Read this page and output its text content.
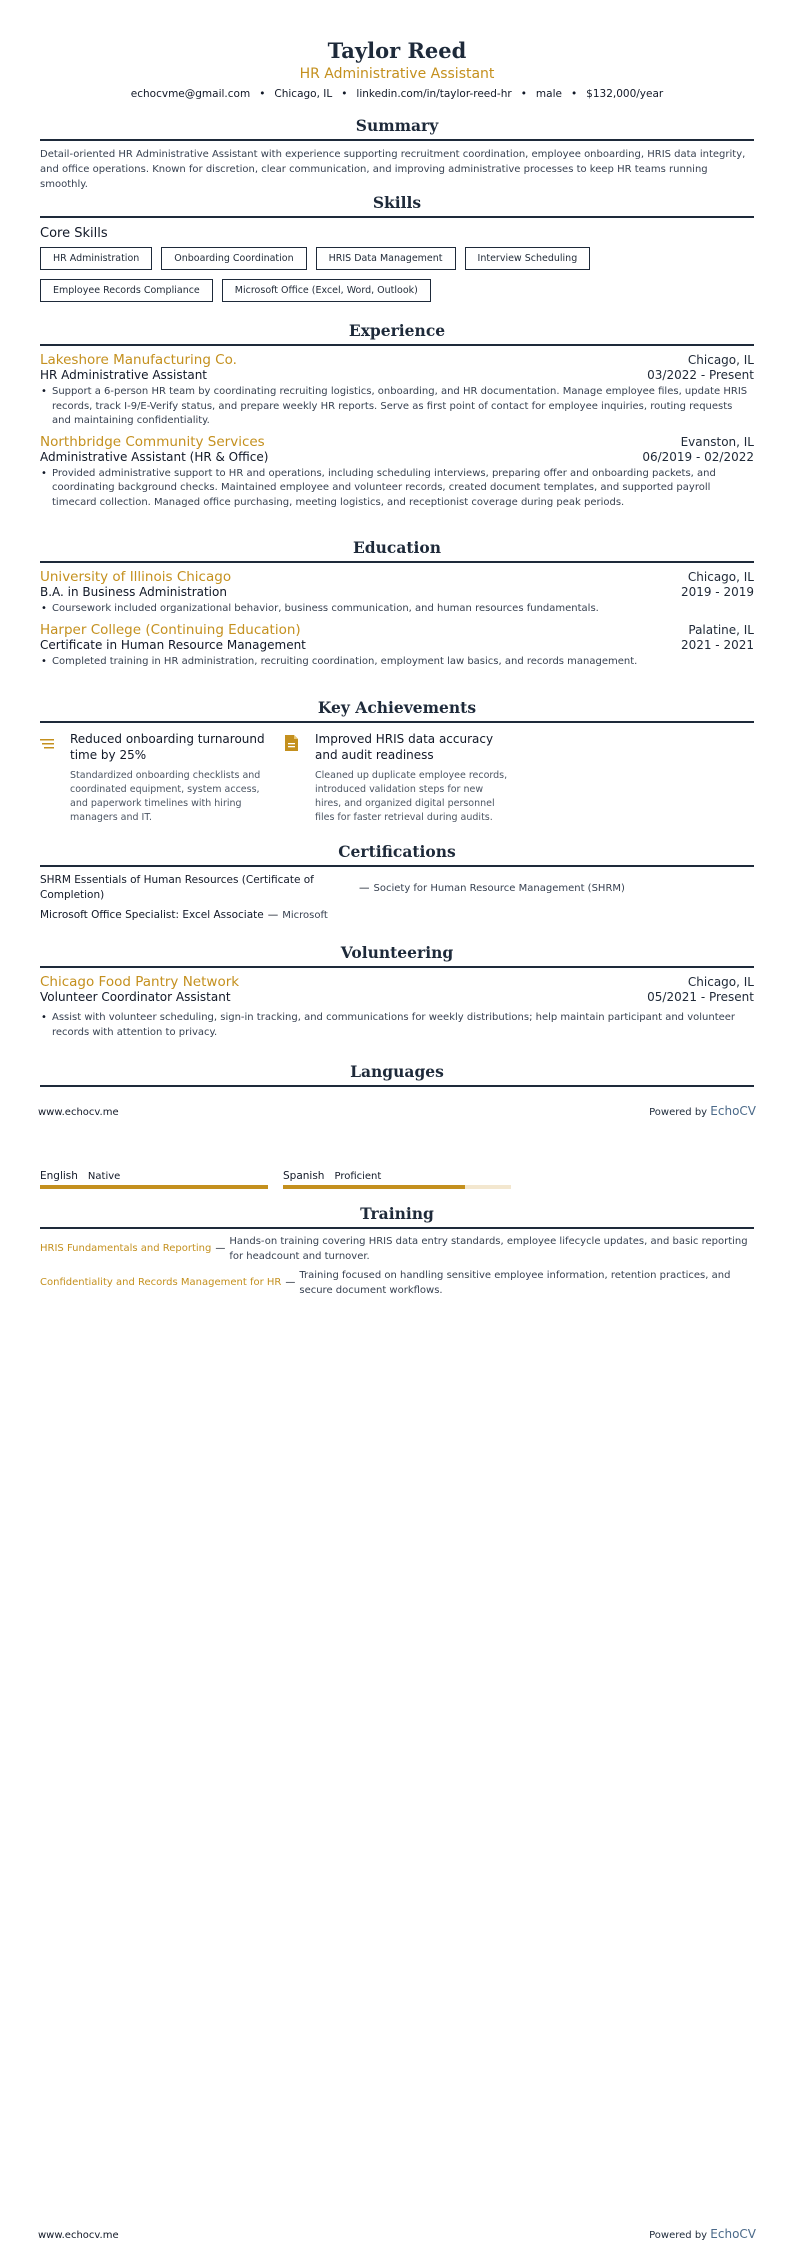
Taylor Reed
HR Administrative Assistant
echocvme@gmail.com • Chicago, IL • linkedin.com/in/taylor-reed-hr • male • $132,000/year
Summary
Detail-oriented HR Administrative Assistant with experience supporting recruitment coordination, employee onboarding, HRIS data integrity, and office operations. Known for discretion, clear communication, and improving administrative processes to keep HR teams running smoothly.
Skills
Core Skills
HR Administration	Onboarding Coordination	HRIS Data Management	Interview Scheduling
Employee Records Compliance	Microsoft Office (Excel, Word, Outlook)
Experience
Lakeshore Manufacturing Co.	Chicago, IL
HR Administrative Assistant	03/2022 - Present
• Support a 6-person HR team by coordinating recruiting logistics, onboarding, and HR documentation. Manage employee files, update HRIS records, track I-9/E-Verify status, and prepare weekly HR reports. Serve as first point of contact for employee inquiries, routing requests and maintaining confidentiality.
Northbridge Community Services	Evanston, IL
Administrative Assistant (HR & Office)	06/2019 - 02/2022
• Provided administrative support to HR and operations, including scheduling interviews, preparing offer and onboarding packets, and coordinating background checks. Maintained employee and volunteer records, created document templates, and supported payroll timecard collection. Managed office purchasing, meeting logistics, and receptionist coverage during peak periods.
Education
University of Illinois Chicago	Chicago, IL
B.A. in Business Administration	2019 - 2019
• Coursework included organizational behavior, business communication, and human resources fundamentals.
Harper College (Continuing Education)	Palatine, IL
Certificate in Human Resource Management	2021 - 2021
• Completed training in HR administration, recruiting coordination, employment law basics, and records management.
Key Achievements
Reduced onboarding turnaround time by 25%
Standardized onboarding checklists and coordinated equipment, system access, and paperwork timelines with hiring managers and IT.
Improved HRIS data accuracy and audit readiness
Cleaned up duplicate employee records, introduced validation steps for new hires, and organized digital personnel files for faster retrieval during audits.
Certifications
SHRM Essentials of Human Resources (Certificate of Completion)
— Society for Human Resource Management (SHRM)
Microsoft Office Specialist: Excel Associate — Microsoft
Volunteering
Chicago Food Pantry Network	Chicago, IL
Volunteer Coordinator Assistant	05/2021 - Present
• Assist with volunteer scheduling, sign-in tracking, and communications for weekly distributions; help maintain participant and volunteer records with attention to privacy.
Languages
www.echocv.me	Powered by EchoCV
English Native	Spanish Proficient
Training
HRIS Fundamentals and Reporting —
Hands-on training covering HRIS data entry standards, employee lifecycle updates, and basic reporting for headcount and turnover.
Confidentiality and Records Management for HR —
Training focused on handling sensitive employee information, retention practices, and secure document workflows.
www.echocv.me	Powered by EchoCV
